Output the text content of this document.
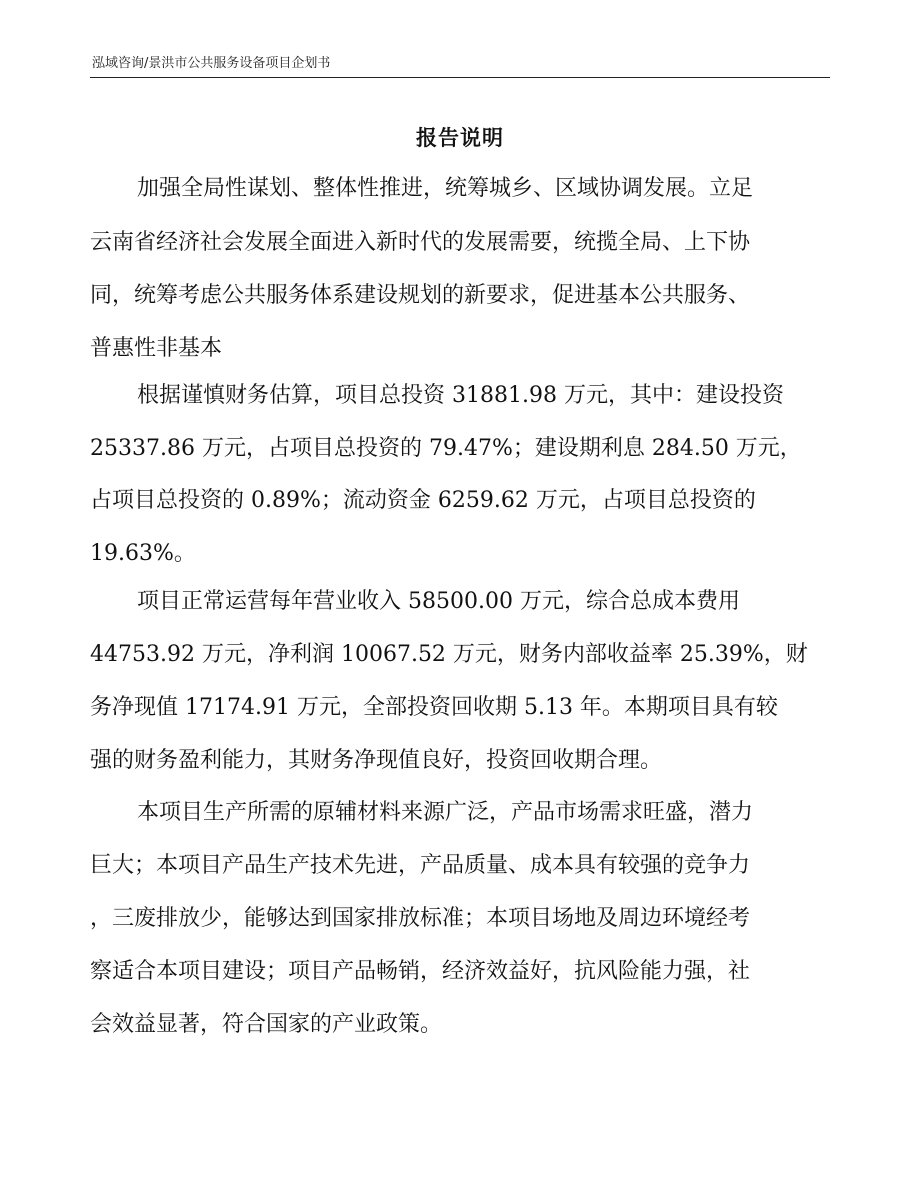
泓域咨询/景洪市公共服务设备项目企划书
报告说明
加强全局性谋划、整体性推进，统筹城乡、区域协调发展。立足
云南省经济社会发展全面进入新时代的发展需要，统揽全局、上下协
同，统筹考虑公共服务体系建设规划的新要求，促进基本公共服务、
普惠性非基本
根据谨慎财务估算，项目总投资 31881.98 万元，其中：建设投资
25337.86 万元，占项目总投资的 79.47%；建设期利息 284.50 万元，
占项目总投资的 0.89%；流动资金 6259.62 万元，占项目总投资的
19.63%。
项目正常运营每年营业收入 58500.00 万元，综合总成本费用
44753.92 万元，净利润 10067.52 万元，财务内部收益率 25.39%，财
务净现值 17174.91 万元，全部投资回收期 5.13 年。本期项目具有较
强的财务盈利能力，其财务净现值良好，投资回收期合理。
本项目生产所需的原辅材料来源广泛，产品市场需求旺盛，潜力
巨大；本项目产品生产技术先进，产品质量、成本具有较强的竞争力
，三废排放少，能够达到国家排放标准；本项目场地及周边环境经考
察适合本项目建设；项目产品畅销，经济效益好，抗风险能力强，社
会效益显著，符合国家的产业政策。
